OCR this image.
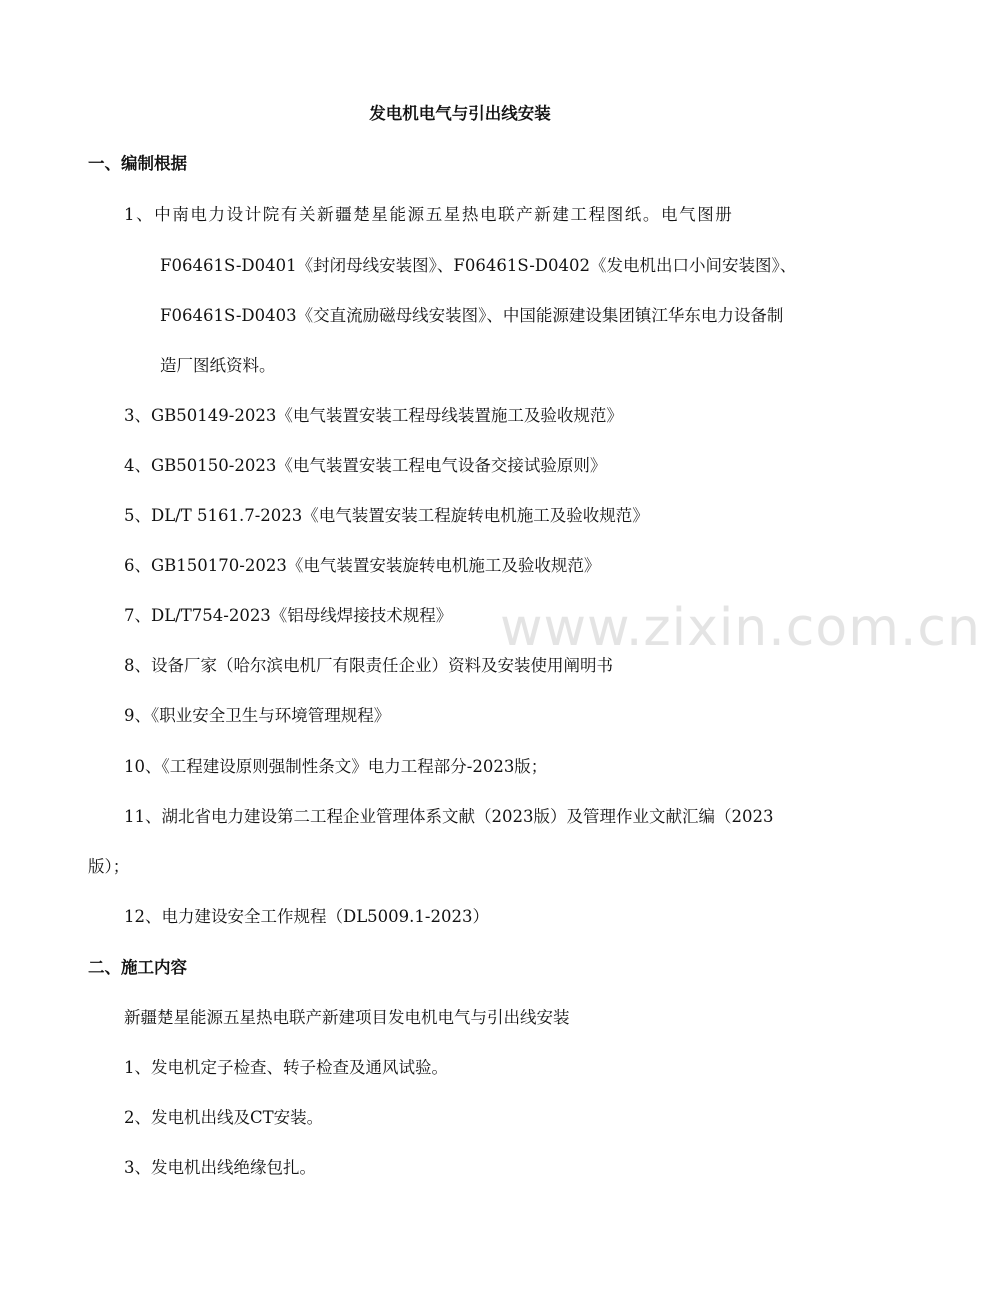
www.zixin.com.cn
发电机电气与引出线安装
一、编制根据
1、中南电力设计院有关新疆楚星能源五星热电联产新建工程图纸。电气图册
F06461S-D0401《封闭母线安装图》、F06461S-D0402《发电机出口小间安装图》、
F06461S-D0403《交直流励磁母线安装图》、中国能源建设集团镇江华东电力设备制
造厂图纸资料。
3、GB50149-2023《电气装置安装工程母线装置施工及验收规范》
4、GB50150-2023《电气装置安装工程电气设备交接试验原则》
5、DL/T 5161.7-2023《电气装置安装工程旋转电机施工及验收规范》
6、GB150170-2023《电气装置安装旋转电机施工及验收规范》
7、DL/T754-2023《铝母线焊接技术规程》
8、设备厂家（哈尔滨电机厂有限责任企业）资料及安装使用阐明书
9、《职业安全卫生与环境管理规程》
10、《工程建设原则强制性条文》电力工程部分-2023版；
11、湖北省电力建设第二工程企业管理体系文献（2023版）及管理作业文献汇编（2023
版）；
12、电力建设安全工作规程（DL5009.1-2023）
二、施工内容
新疆楚星能源五星热电联产新建项目发电机电气与引出线安装
1、发电机定子检查、转子检查及通风试验。
2、发电机出线及CT安装。
3、发电机出线绝缘包扎。
